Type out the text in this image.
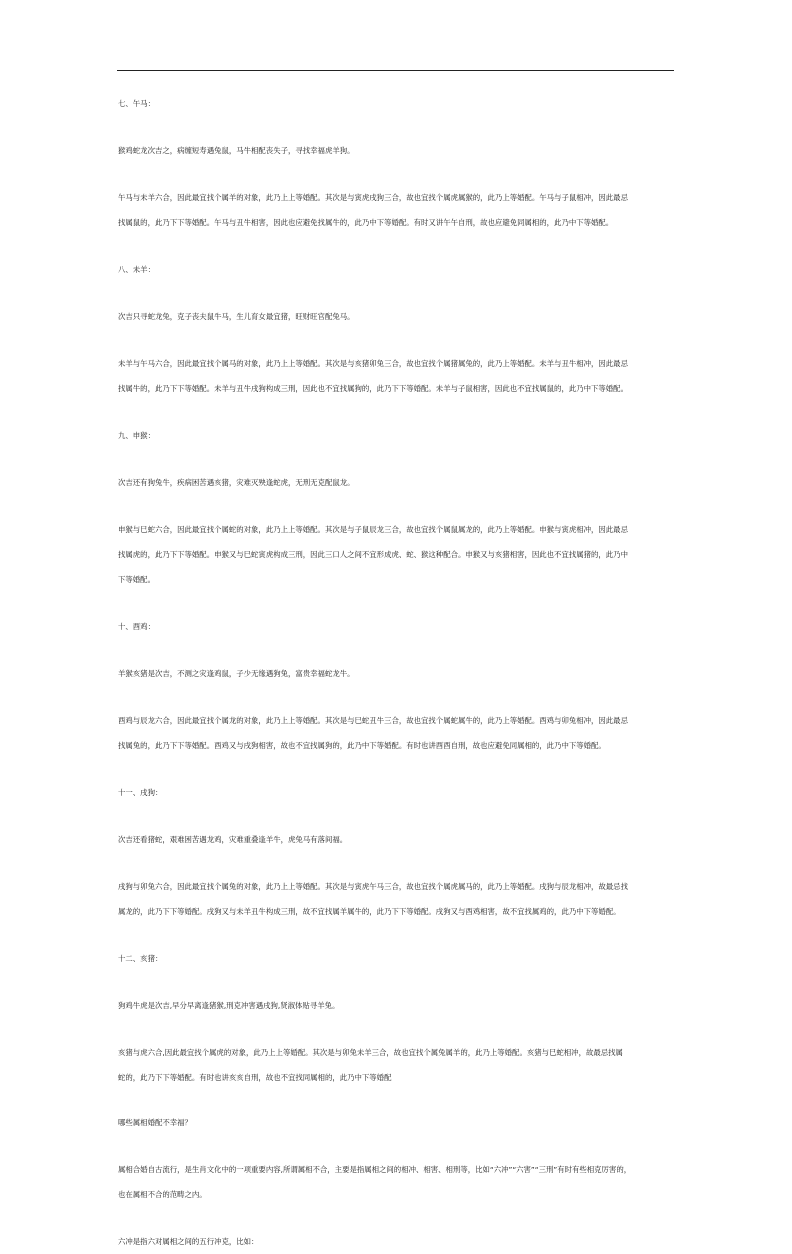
七、午马：

猴鸡蛇龙次吉之，病缠短寿遇兔鼠，马牛相配丧失子，寻找幸福虎羊狗。

午马与未羊六合，因此最宜找个属羊的对象，此乃上上等婚配。其次是与寅虎戌狗三合，故也宜找个属虎属猴的，此乃上等婚配。午马与子鼠相冲，因此最忌

找属鼠的，此乃下下等婚配。午马与丑牛相害，因此也应避免找属牛的，此乃中下等婚配。有时又讲午午自刑，故也应避免同属相的，此乃中下等婚配。

八、未羊：

次吉只寻蛇龙兔，克子丧夫鼠牛马，生儿育女最宜猪，旺财旺官配兔马。

未羊与午马六合，因此最宜找个属马的对象，此乃上上等婚配。其次是与亥猪卯兔三合，故也宜找个属猪属兔的，此乃上等婚配。未羊与丑牛相冲，因此最忌

找属牛的，此乃下下等婚配。未羊与丑牛戌狗构成三刑，因此也不宜找属狗的，此乃下下等婚配。未羊与子鼠相害，因此也不宜找属鼠的，此乃中下等婚配。

九、申猴：

次吉还有狗兔牛，疾病困苦遇亥猪，灾难灭殃逢蛇虎，无刑无克配鼠龙。

申猴与巳蛇六合，因此最宜找个属蛇的对象，此乃上上等婚配。其次是与子鼠辰龙三合，故也宜找个属鼠属龙的，此乃上等婚配。申猴与寅虎相冲，因此最忌

找属虎的，此乃下下等婚配。申猴又与巳蛇寅虎构成三刑，因此三口人之间不宜形成虎、蛇、猴这种配合。申猴又与亥猪相害，因此也不宜找属猪的，此乃中

下等婚配。

十、酉鸡：

羊猴亥猪是次吉，不测之灾逢鸡鼠，子少无缘遇狗兔，富贵幸福蛇龙牛。

酉鸡与辰龙六合，因此最宜找个属龙的对象，此乃上上等婚配。其次是与巳蛇丑牛三合，故也宜找个属蛇属牛的，此乃上等婚配。酉鸡与卯兔相冲，因此最忌

找属兔的，此乃下下等婚配。酉鸡又与戌狗相害，故也不宜找属狗的，此乃中下等婚配。有时也讲酉酉自刑，故也应避免同属相的，此乃中下等婚配。

十一、戌狗：

次吉还看猪蛇，艰难困苦遇龙鸡，灾难重叠逢羊牛，虎兔马有落间福。

戌狗与卯兔六合，因此最宜找个属兔的对象，此乃上上等婚配。其次是与寅虎午马三合，故也宜找个属虎属马的，此乃上等婚配。戌狗与辰龙相冲，故最忌找

属龙的，此乃下下等婚配。戌狗又与未羊丑牛构成三刑，故不宜找属羊属牛的，此乃下下等婚配。戌狗又与酉鸡相害，故不宜找属鸡的，此乃中下等婚配。

十二、亥猪：

狗鸡牛虎是次吉,早分早离逢猪猴,刑克冲害遇戌狗,贤淑体贴寻羊兔。

亥猪与虎六合,因此最宜找个属虎的对象，此乃上上等婚配。其次是与卯兔未羊三合，故也宜找个属兔属羊的，此乃上等婚配。亥猪与巳蛇相冲，故最忌找属

蛇的，此乃下下等婚配。有时也讲亥亥自刑，故也不宜找同属相的，此乃中下等婚配

哪些属相婚配不幸福？

属相合婚自古流行，是生肖文化中的一项重要内容,所谓属相不合，主要是指属相之间的相冲、相害、相刑等，比如“六冲”“六害”“三刑”有时有些相克厉害的，

也在属相不合的范畴之内。

六冲是指六对属相之间的五行冲克，比如：
